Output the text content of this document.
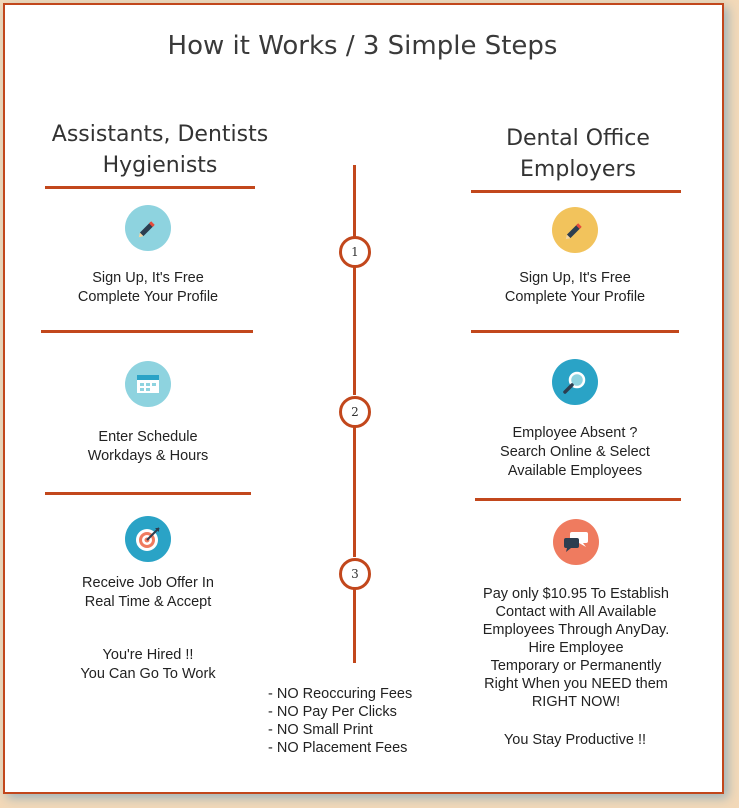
How it Works / 3 Simple Steps
Assistants, Dentists
Hygienists
Sign Up, It's Free
Complete Your Profile
Enter Schedule
Workdays & Hours
Receive Job Offer In
Real Time & Accept
You're Hired !!
You Can Go To Work
1
2
3
- NO Reoccuring Fees
- NO Pay Per Clicks
- NO Small Print
- NO Placement Fees
Dental Office
Employers
Sign Up, It's Free
Complete Your Profile
Employee Absent ?
Search Online & Select
Available Employees
Pay only $10.95 To Establish
Contact with All Available
Employees Through AnyDay.
Hire Employee
Temporary or Permanently
Right When you NEED them
RIGHT NOW!
You Stay Productive !!
